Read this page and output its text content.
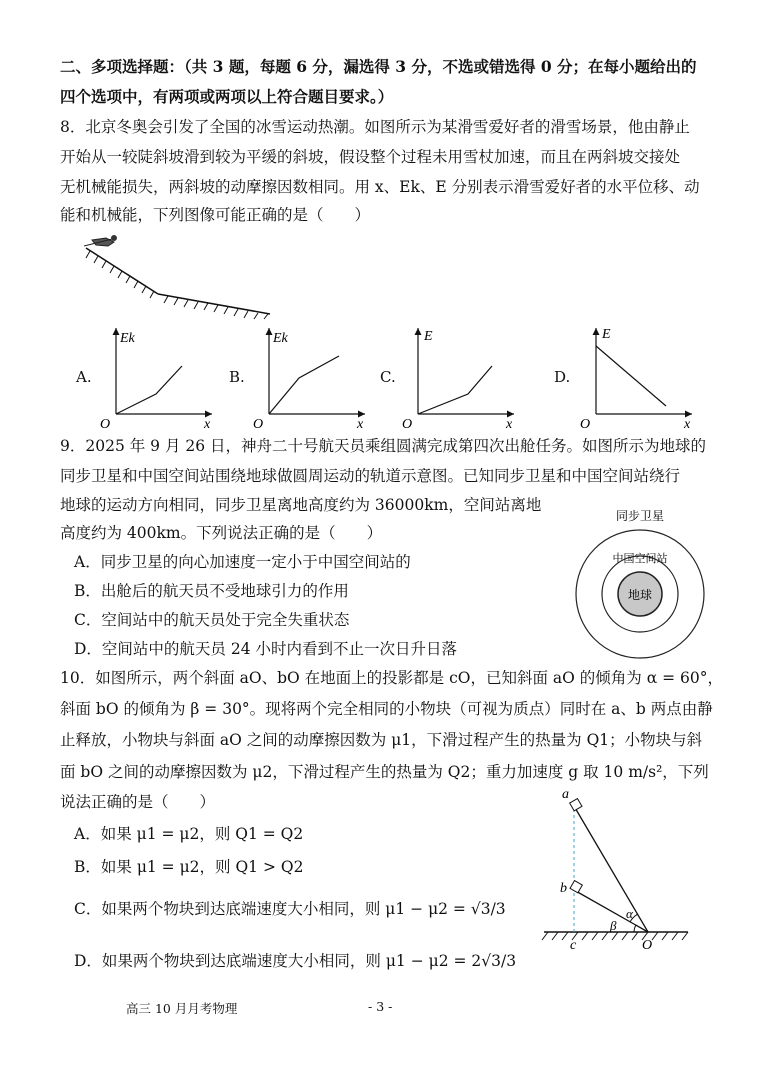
二、多项选择题：（共 3 题，每题 6 分，漏选得 3 分，不选或错选得 0 分；在每小题给出的
四个选项中，有两项或两项以上符合题目要求。）
8．北京冬奥会引发了全国的冰雪运动热潮。如图所示为某滑雪爱好者的滑雪场景，他由静止
开始从一较陡斜坡滑到较为平缓的斜坡，假设整个过程未用雪杖加速，而且在两斜坡交接处
无机械能损失，两斜坡的动摩擦因数相同。用 x、Ek、E 分别表示滑雪爱好者的水平位移、动
能和机械能，下列图像可能正确的是（　　）
A.	B.	C.	D.
Ek
x
O
Ek
x
O
E
x
O
E
x
O
9．2025 年 9 月 26 日，神舟二十号航天员乘组圆满完成第四次出舱任务。如图所示为地球的
同步卫星和中国空间站围绕地球做圆周运动的轨道示意图。已知同步卫星和中国空间站绕行
地球的运动方向相同，同步卫星离地高度约为 36000km，空间站离地
高度约为 400km。下列说法正确的是（　　）
A．同步卫星的向心加速度一定小于中国空间站的
B．出舱后的航天员不受地球引力的作用
C．空间站中的航天员处于完全失重状态
D．空间站中的航天员 24 小时内看到不止一次日升日落
同步卫星
中国空间站
地球
10．如图所示，两个斜面 aO、bO 在地面上的投影都是 cO，已知斜面 aO 的倾角为 α = 60°，
斜面 bO 的倾角为 β = 30°。现将两个完全相同的小物块（可视为质点）同时在 a、b 两点由静
止释放，小物块与斜面 aO 之间的动摩擦因数为 μ1，下滑过程产生的热量为 Q1；小物块与斜
面 bO 之间的动摩擦因数为 μ2，下滑过程产生的热量为 Q2；重力加速度 g 取 10 m/s²，下列
说法正确的是（　　）
A．如果 μ1 = μ2，则 Q1 = Q2
B．如果 μ1 = μ2，则 Q1 > Q2
C．如果两个物块到达底端速度大小相同，则 μ1 − μ2 = √3/3
D．如果两个物块到达底端速度大小相同，则 μ1 − μ2 = 2√3/3
a
b
c	O
α
β
高三 10 月月考物理	- 3 -
